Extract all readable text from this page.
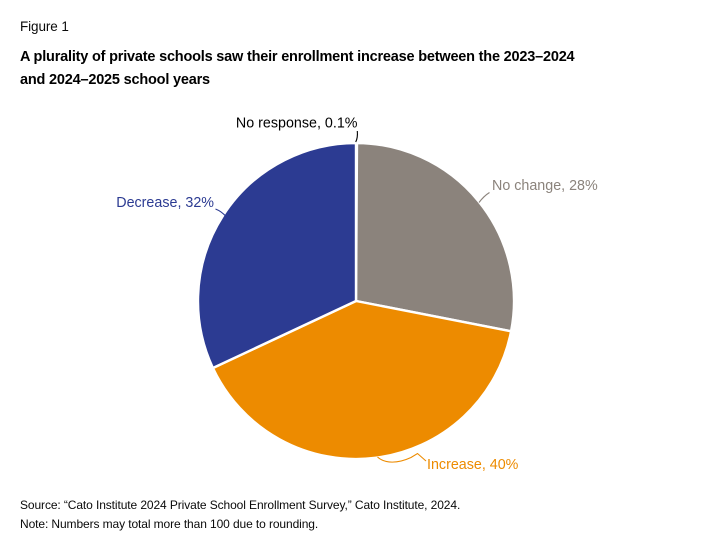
Figure 1
A plurality of private schools saw their enrollment increase between the 2023–2024
and 2024–2025 school years
No response, 0.1%
No change, 28%
Increase, 40%
Decrease, 32%
Source: “Cato Institute 2024 Private School Enrollment Survey,” Cato Institute, 2024.
Note: Numbers may total more than 100 due to rounding.
